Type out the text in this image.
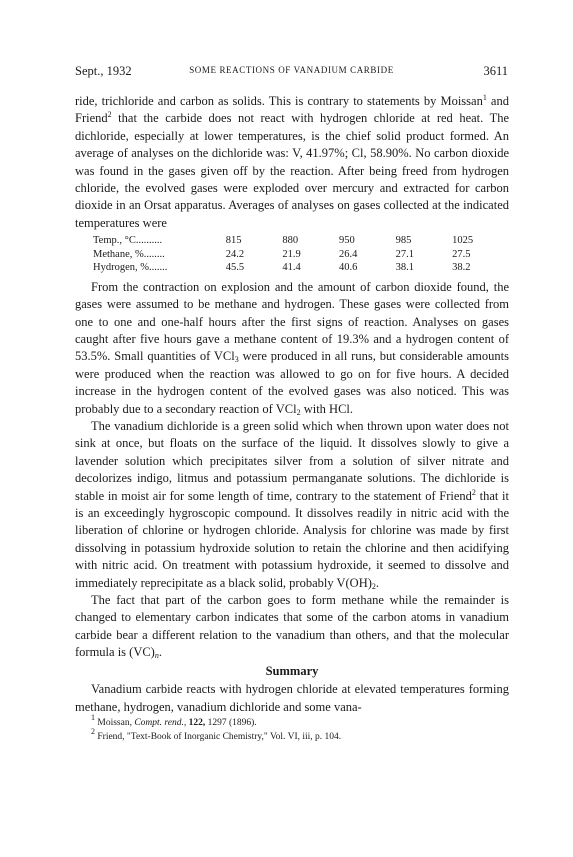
Sept., 1932	SOME REACTIONS OF VANADIUM CARBIDE	3611

ride, trichloride and carbon as solids. This is contrary to statements by Moissan$^1$ and Friend$^2$ that the carbide does not react with hydrogen chloride at red heat. The dichloride, especially at lower temperatures, is the chief solid product formed. An average of analyses on the dichloride was: V, 41.97%; Cl, 58.90%. No carbon dioxide was found in the gases given off by the reaction. After being freed from hydrogen chloride, the evolved gases were exploded over mercury and extracted for carbon dioxide in an Orsat apparatus. Averages of analyses on gases collected at the indicated temperatures were

Temp., °C..........	815	880	950	985	1025
Methane, %........	24.2	21.9	26.4	27.1	27.5
Hydrogen, %.......	45.5	41.4	40.6	38.1	38.2

From the contraction on explosion and the amount of carbon dioxide found, the gases were assumed to be methane and hydrogen. These gases were collected from one to one and one-half hours after the first signs of reaction. Analyses on gases caught after five hours gave a methane content of 19.3% and a hydrogen content of 53.5%. Small quantities of VCl$_3$ were produced in all runs, but considerable amounts were produced when the reaction was allowed to go on for five hours. A decided increase in the hydrogen content of the evolved gases was also noticed. This was probably due to a secondary reaction of VCl$_2$ with HCl.

The vanadium dichloride is a green solid which when thrown upon water does not sink at once, but floats on the surface of the liquid. It dissolves slowly to give a lavender solution which precipitates silver from a solution of silver nitrate and decolorizes indigo, litmus and potassium permanganate solutions. The dichloride is stable in moist air for some length of time, contrary to the statement of Friend$^2$ that it is an exceedingly hygroscopic compound. It dissolves readily in nitric acid with the liberation of chlorine or hydrogen chloride. Analysis for chlorine was made by first dissolving in potassium hydroxide solution to retain the chlorine and then acidifying with nitric acid. On treatment with potassium hydroxide, it seemed to dissolve and immediately reprecipitate as a black solid, probably $V(OH)_2$.

The fact that part of the carbon goes to form methane while the remainder is changed to elementary carbon indicates that some of the carbon atoms in vanadium carbide bear a different relation to the vanadium than others, and that the molecular formula is $(VC)_n$.

Summary

Vanadium carbide reacts with hydrogen chloride at elevated temperatures forming methane, hydrogen, vanadium dichloride and some vana-

$^1$ Moissan, Compt. rend., 122, 1297 (1896).

$^2$ Friend, "Text-Book of Inorganic Chemistry," Vol. VI, iii, p. 104.
